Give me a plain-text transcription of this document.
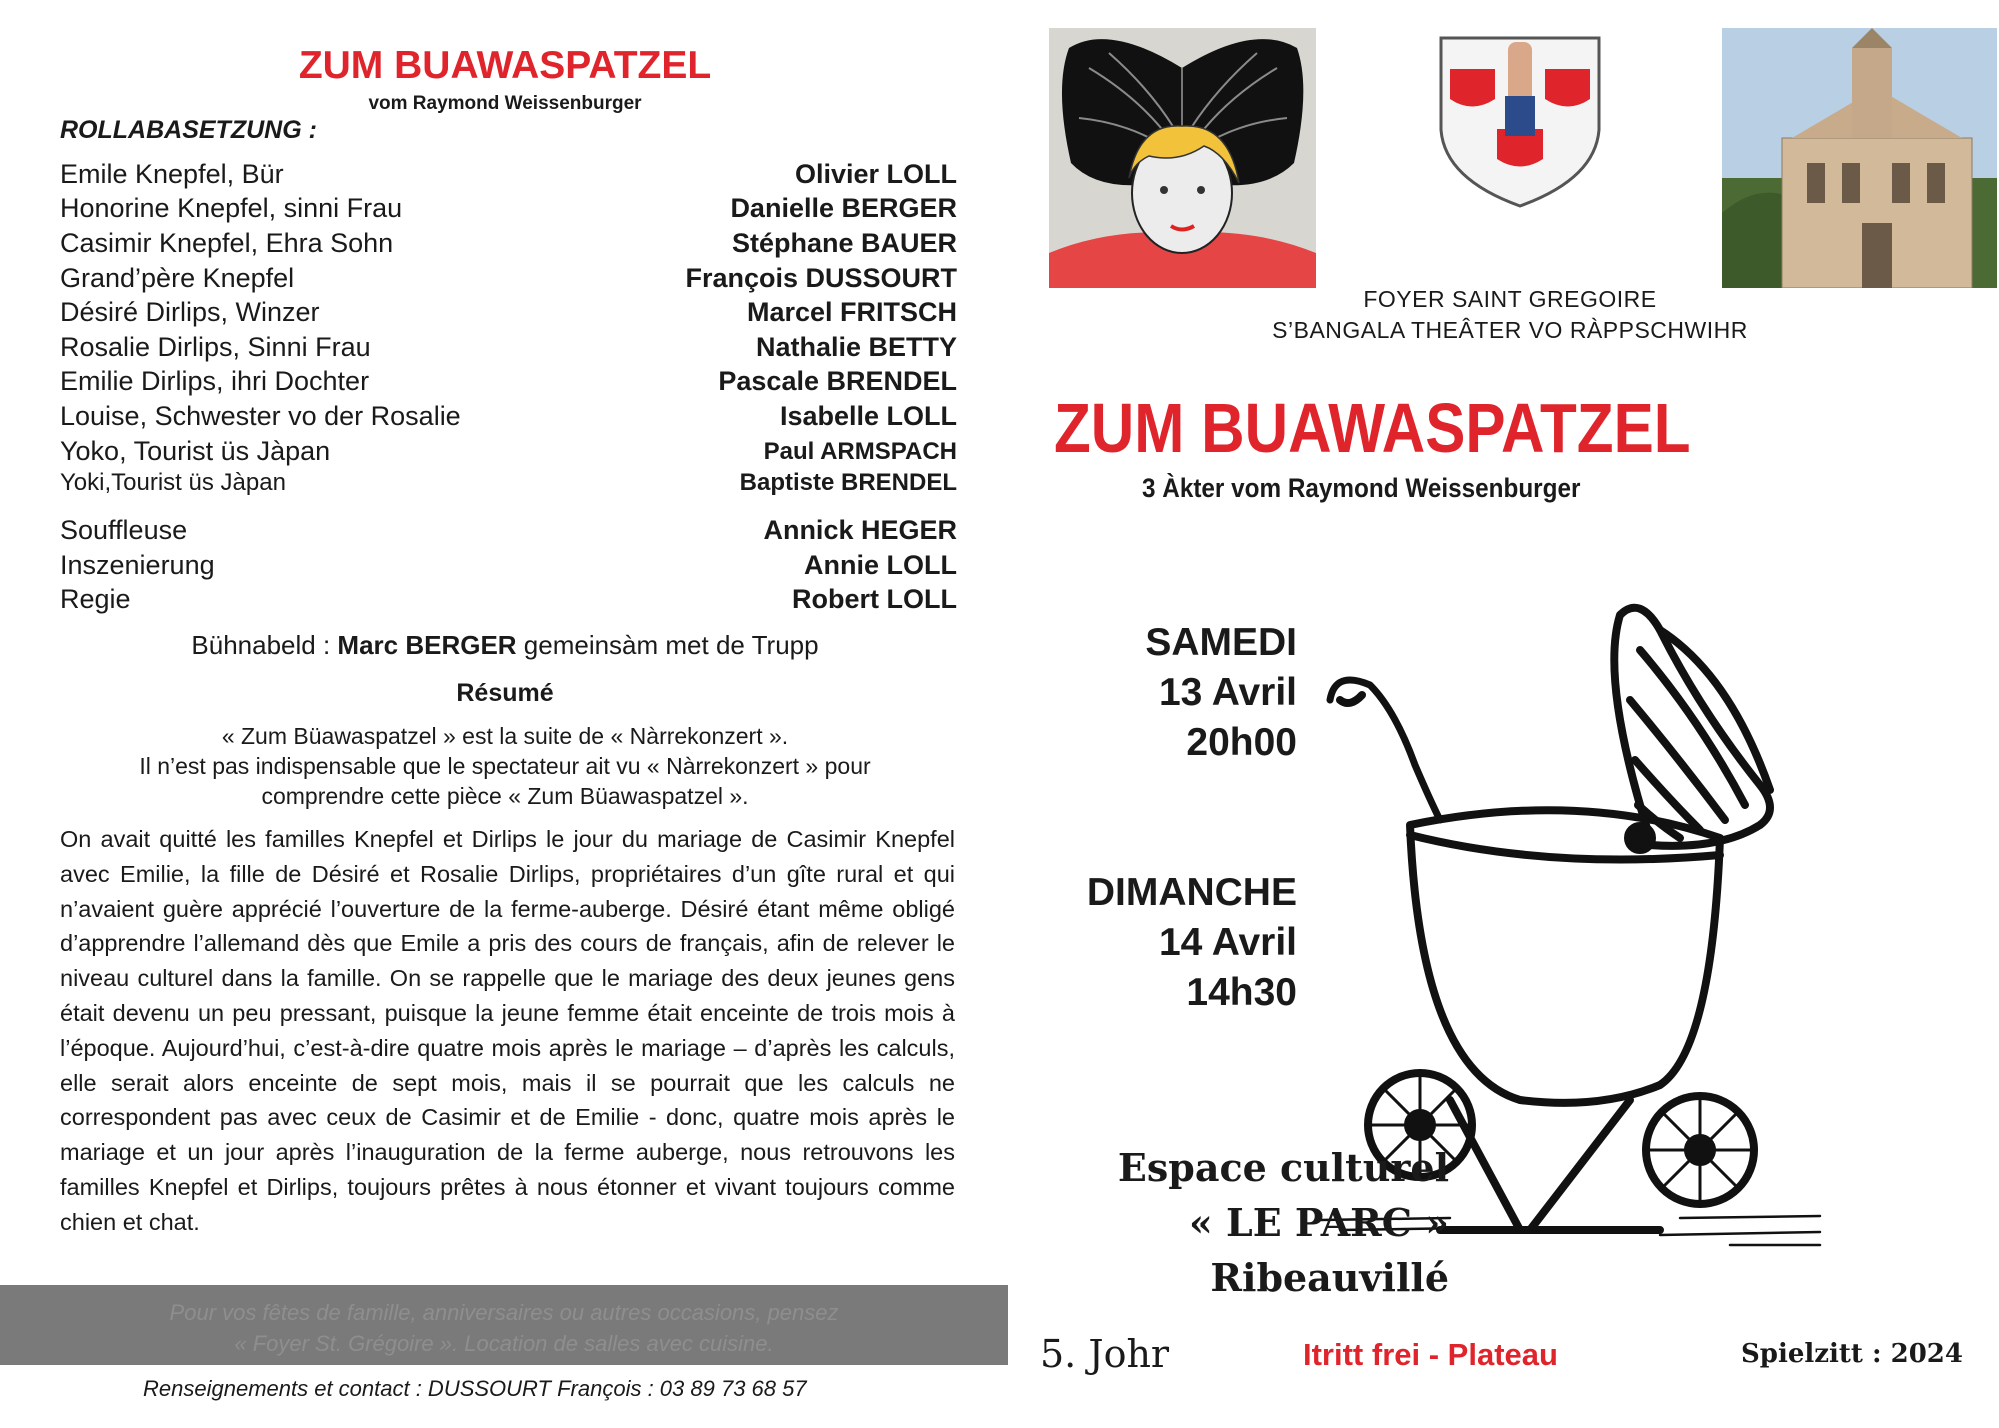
ZUM BUAWASPATZEL
vom Raymond Weissenburger
ROLLABASETZUNG :
Emile Knepfel, Bür	Olivier LOLL
Honorine Knepfel, sinni Frau	Danielle BERGER
Casimir Knepfel, Ehra Sohn	Stéphane BAUER
Grand’père Knepfel	François DUSSOURT
Désiré Dirlips, Winzer	Marcel FRITSCH
Rosalie Dirlips, Sinni Frau	Nathalie BETTY
Emilie Dirlips, ihri Dochter	Pascale BRENDEL
Louise, Schwester vo der Rosalie	Isabelle LOLL
Yoko, Tourist üs Jàpan	Paul ARMSPACH
Yoki,Tourist üs Jàpan	Baptiste BRENDEL
Souffleuse	Annick HEGER
Inszenierung	Annie LOLL
Regie	Robert LOLL
Bühnabeld : Marc BERGER gemeinsàm met de Trupp
Résumé
« Zum Büawaspatzel » est la suite de « Nàrrekonzert ».
Il n’est pas indispensable que le spectateur ait vu « Nàrrekonzert » pour
comprendre cette pièce « Zum Büawaspatzel ».
On avait quitté les familles Knepfel et Dirlips le jour du mariage de Casimir Knepfel avec Emilie, la fille de Désiré et Rosalie Dirlips, propriétaires d’un gîte rural et qui n’avaient guère apprécié l’ouverture de la ferme-auberge. Désiré étant même obligé d’apprendre l’allemand dès que Emile a pris des cours de français, afin de relever le niveau culturel dans la famille. On se rappelle que le mariage des deux jeunes gens était devenu un peu pressant, puisque la jeune femme était enceinte de trois mois à l’époque. Aujourd’hui, c’est-à-dire quatre mois après le mariage – d’après les calculs, elle serait alors enceinte de sept mois, mais il se pourrait que les calculs ne correspondent pas avec ceux de Casimir et de Emilie - donc, quatre mois après le mariage et un jour après l’inauguration de la ferme auberge, nous retrouvons les familles Knepfel et Dirlips, toujours prêtes à nous étonner et vivant toujours comme chien et chat.
Pour vos fêtes de famille, anniversaires ou autres occasions, pensez
« Foyer St. Grégoire ». Location de salles avec cuisine.
Renseignements et contact : DUSSOURT François : 03 89 73 68 57
FOYER SAINT GREGOIRE
S’BANGALA THEÂTER VO RÀPPSCHWIHR
ZUM BUAWASPATZEL
3 Àkter vom Raymond Weissenburger
SAMEDI
13 Avril
20h00
DIMANCHE
14 Avril
14h30
Espace culturel
« LE PARC »
Ribeauvillé
5. Johr	Itritt frei - Plateau	Spielzitt : 2024
